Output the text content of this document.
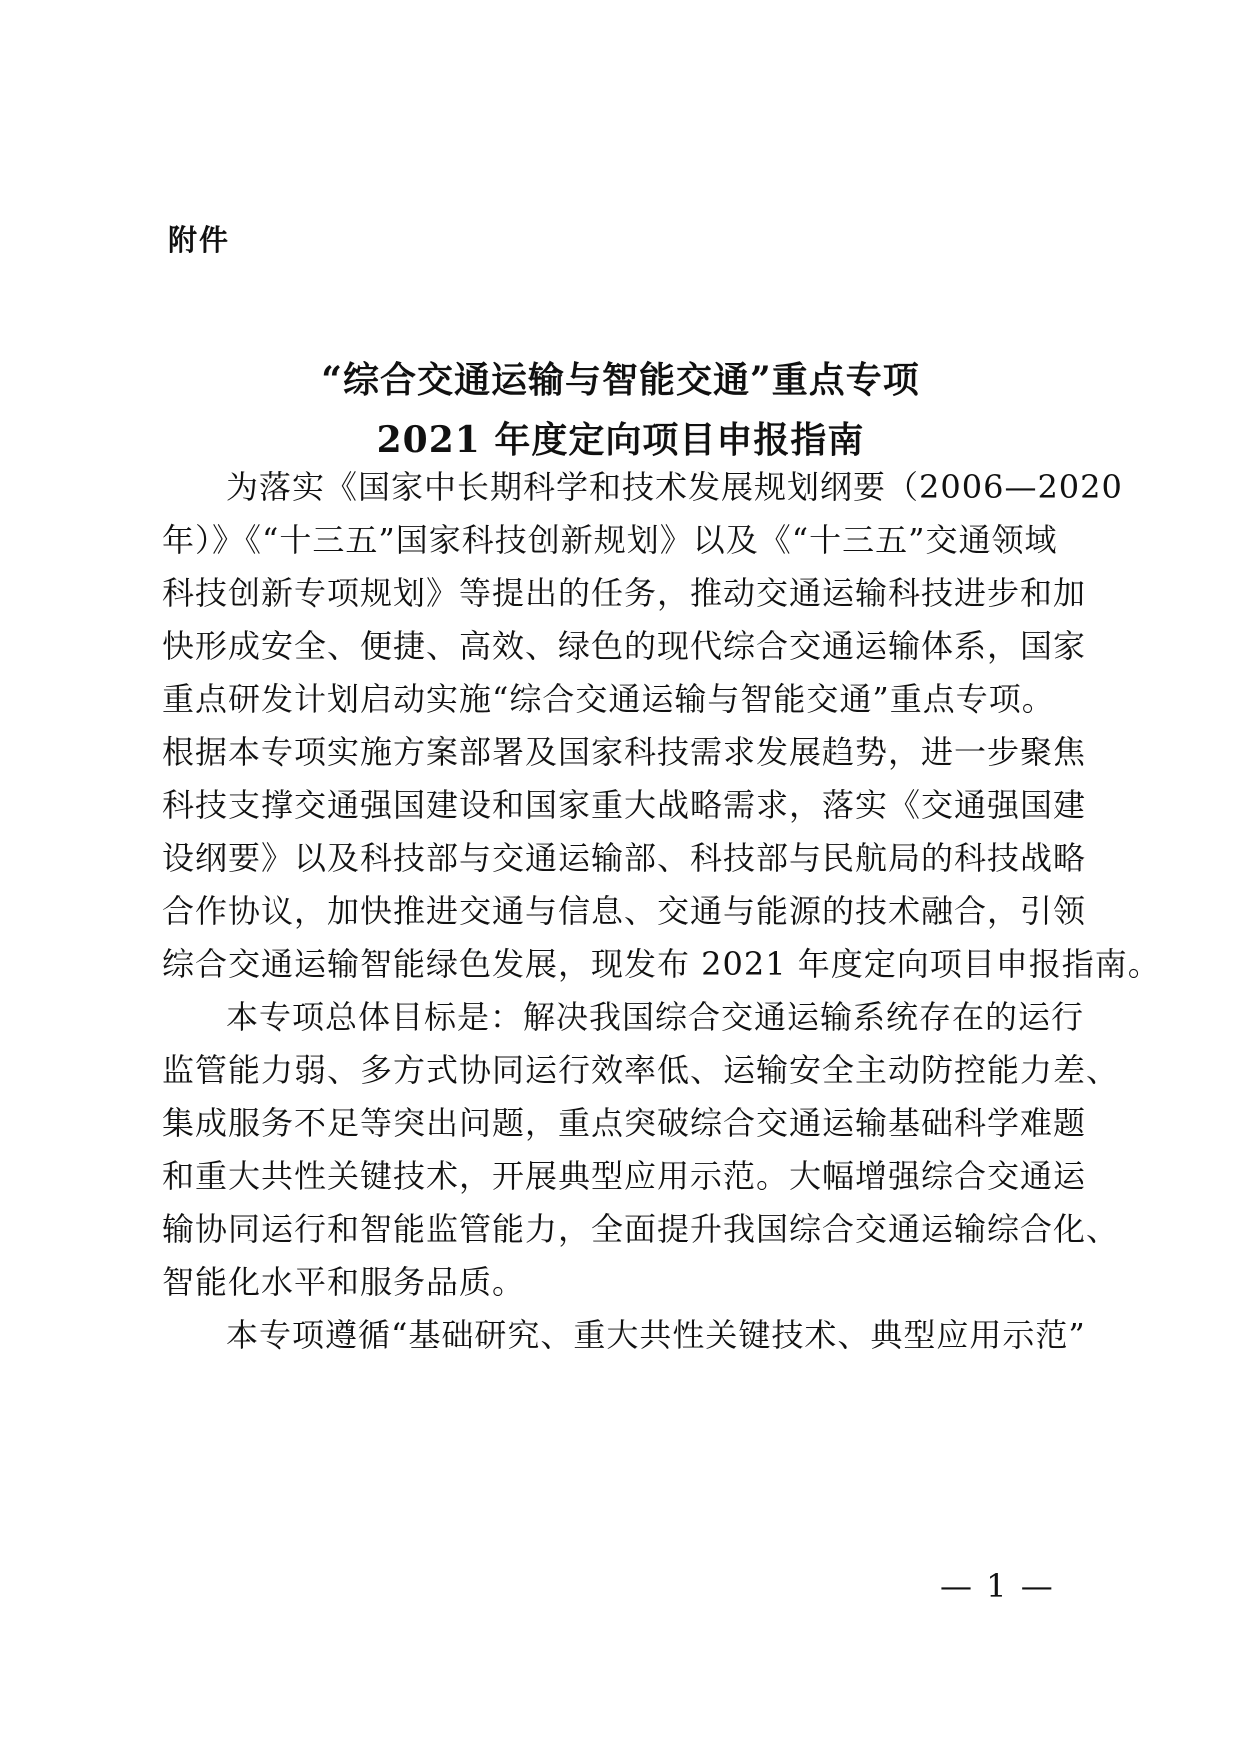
附件
“综合交通运输与智能交通”重点专项
2021 年度定向项目申报指南
为落实《国家中长期科学和技术发展规划纲要（2006—2020
年）》《“十三五”国家科技创新规划》以及《“十三五”交通领域
科技创新专项规划》等提出的任务，推动交通运输科技进步和加
快形成安全、便捷、高效、绿色的现代综合交通运输体系，国家
重点研发计划启动实施“综合交通运输与智能交通”重点专项。
根据本专项实施方案部署及国家科技需求发展趋势，进一步聚焦
科技支撑交通强国建设和国家重大战略需求，落实《交通强国建
设纲要》以及科技部与交通运输部、科技部与民航局的科技战略
合作协议，加快推进交通与信息、交通与能源的技术融合，引领
综合交通运输智能绿色发展，现发布 2021 年度定向项目申报指南。
本专项总体目标是：解决我国综合交通运输系统存在的运行
监管能力弱、多方式协同运行效率低、运输安全主动防控能力差、
集成服务不足等突出问题，重点突破综合交通运输基础科学难题
和重大共性关键技术，开展典型应用示范。大幅增强综合交通运
输协同运行和智能监管能力，全面提升我国综合交通运输综合化、
智能化水平和服务品质。
本专项遵循“基础研究、重大共性关键技术、典型应用示范”
— 1 —
